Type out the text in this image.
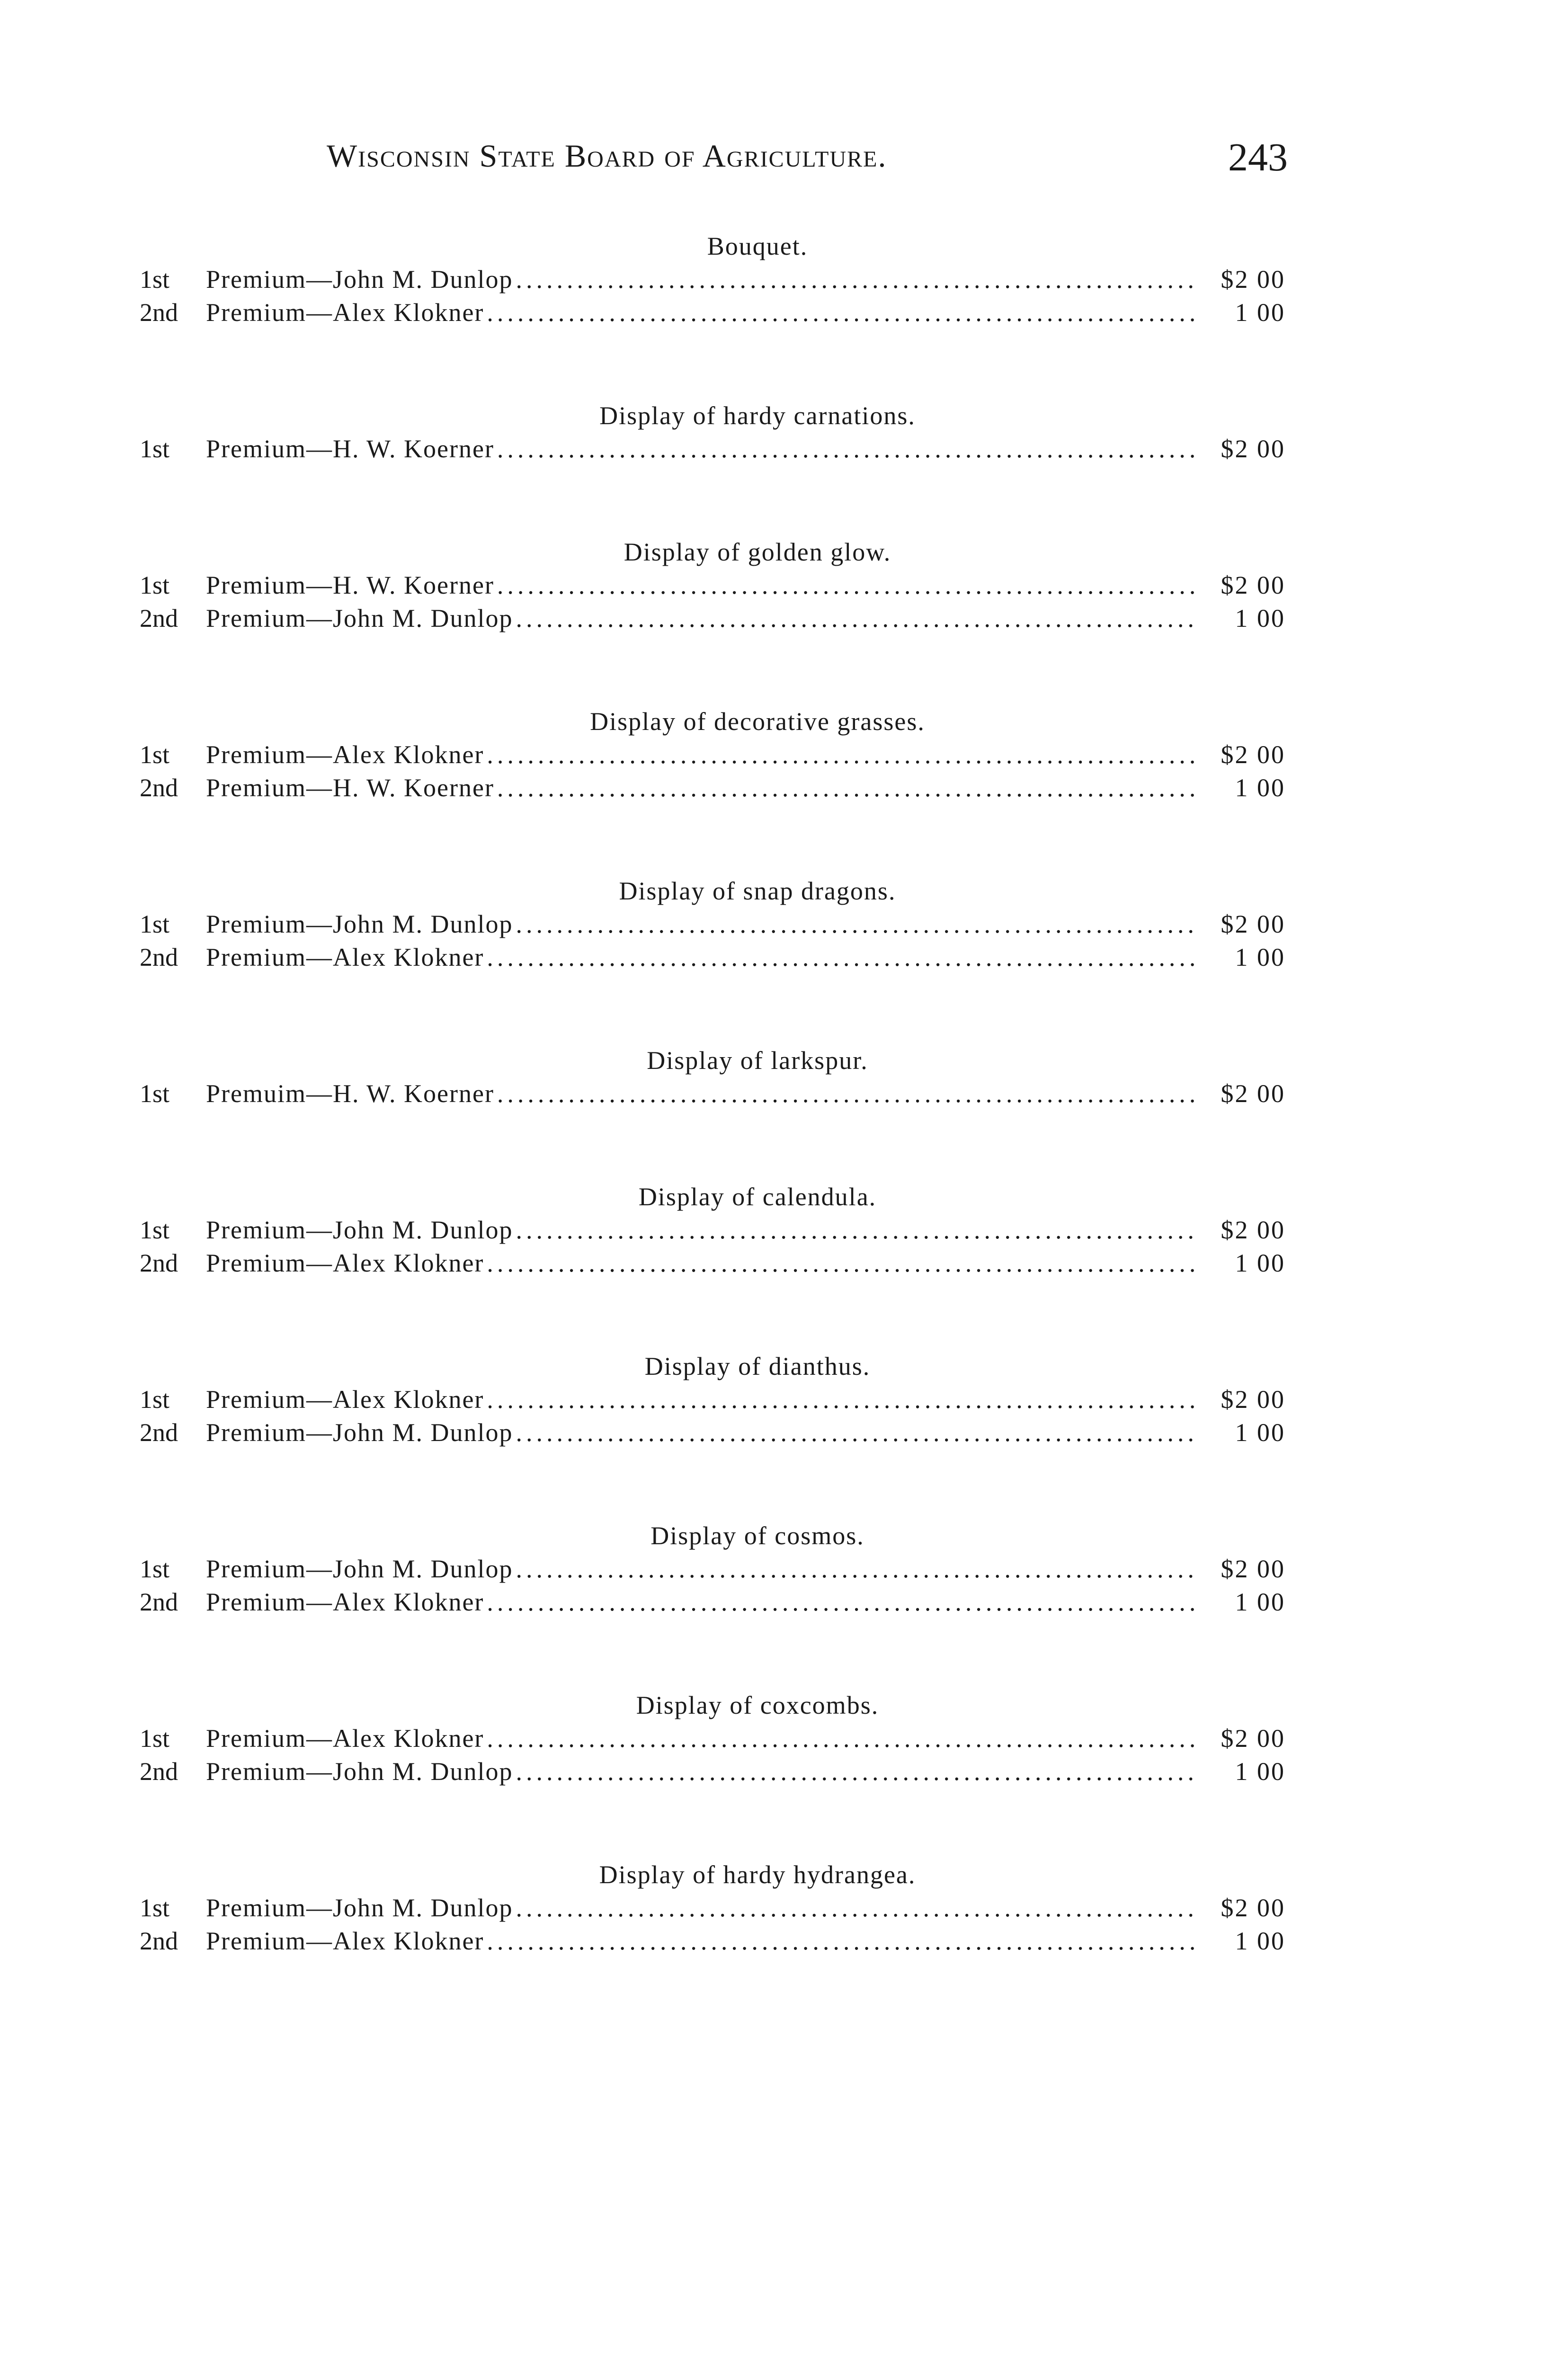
Wisconsin State Board of Agriculture.	243
Bouquet.
1st	Premium—John M. Dunlop .....	$2 00
2nd	Premium—Alex Klokner .....	1 00
Display of hardy carnations.
1st	Premium—H. W. Koerner .....	$2 00
Display of golden glow.
1st	Premium—H. W. Koerner .....	$2 00
2nd	Premium—John M. Dunlop .....	1 00
Display of decorative grasses.
1st	Premium—Alex Klokner .....	$2 00
2nd	Premium—H. W. Koerner .....	1 00
Display of snap dragons.
1st	Premium—John M. Dunlop .....	$2 00
2nd	Premium—Alex Klokner .....	1 00
Display of larkspur.
1st	Premuim—H. W. Koerner .....	$2 00
Display of calendula.
1st	Premium—John M. Dunlop .....	$2 00
2nd	Premium—Alex Klokner .....	1 00
Display of dianthus.
1st	Premium—Alex Klokner .....	$2 00
2nd	Premium—John M. Dunlop .....	1 00
Display of cosmos.
1st	Premium—John M. Dunlop .....	$2 00
2nd	Premium—Alex Klokner .....	1 00
Display of coxcombs.
1st	Premium—Alex Klokner .....	$2 00
2nd	Premium—John M. Dunlop .....	1 00
Display of hardy hydrangea.
1st	Premium—John M. Dunlop .....	$2 00
2nd	Premium—Alex Klokner .....	1 00
